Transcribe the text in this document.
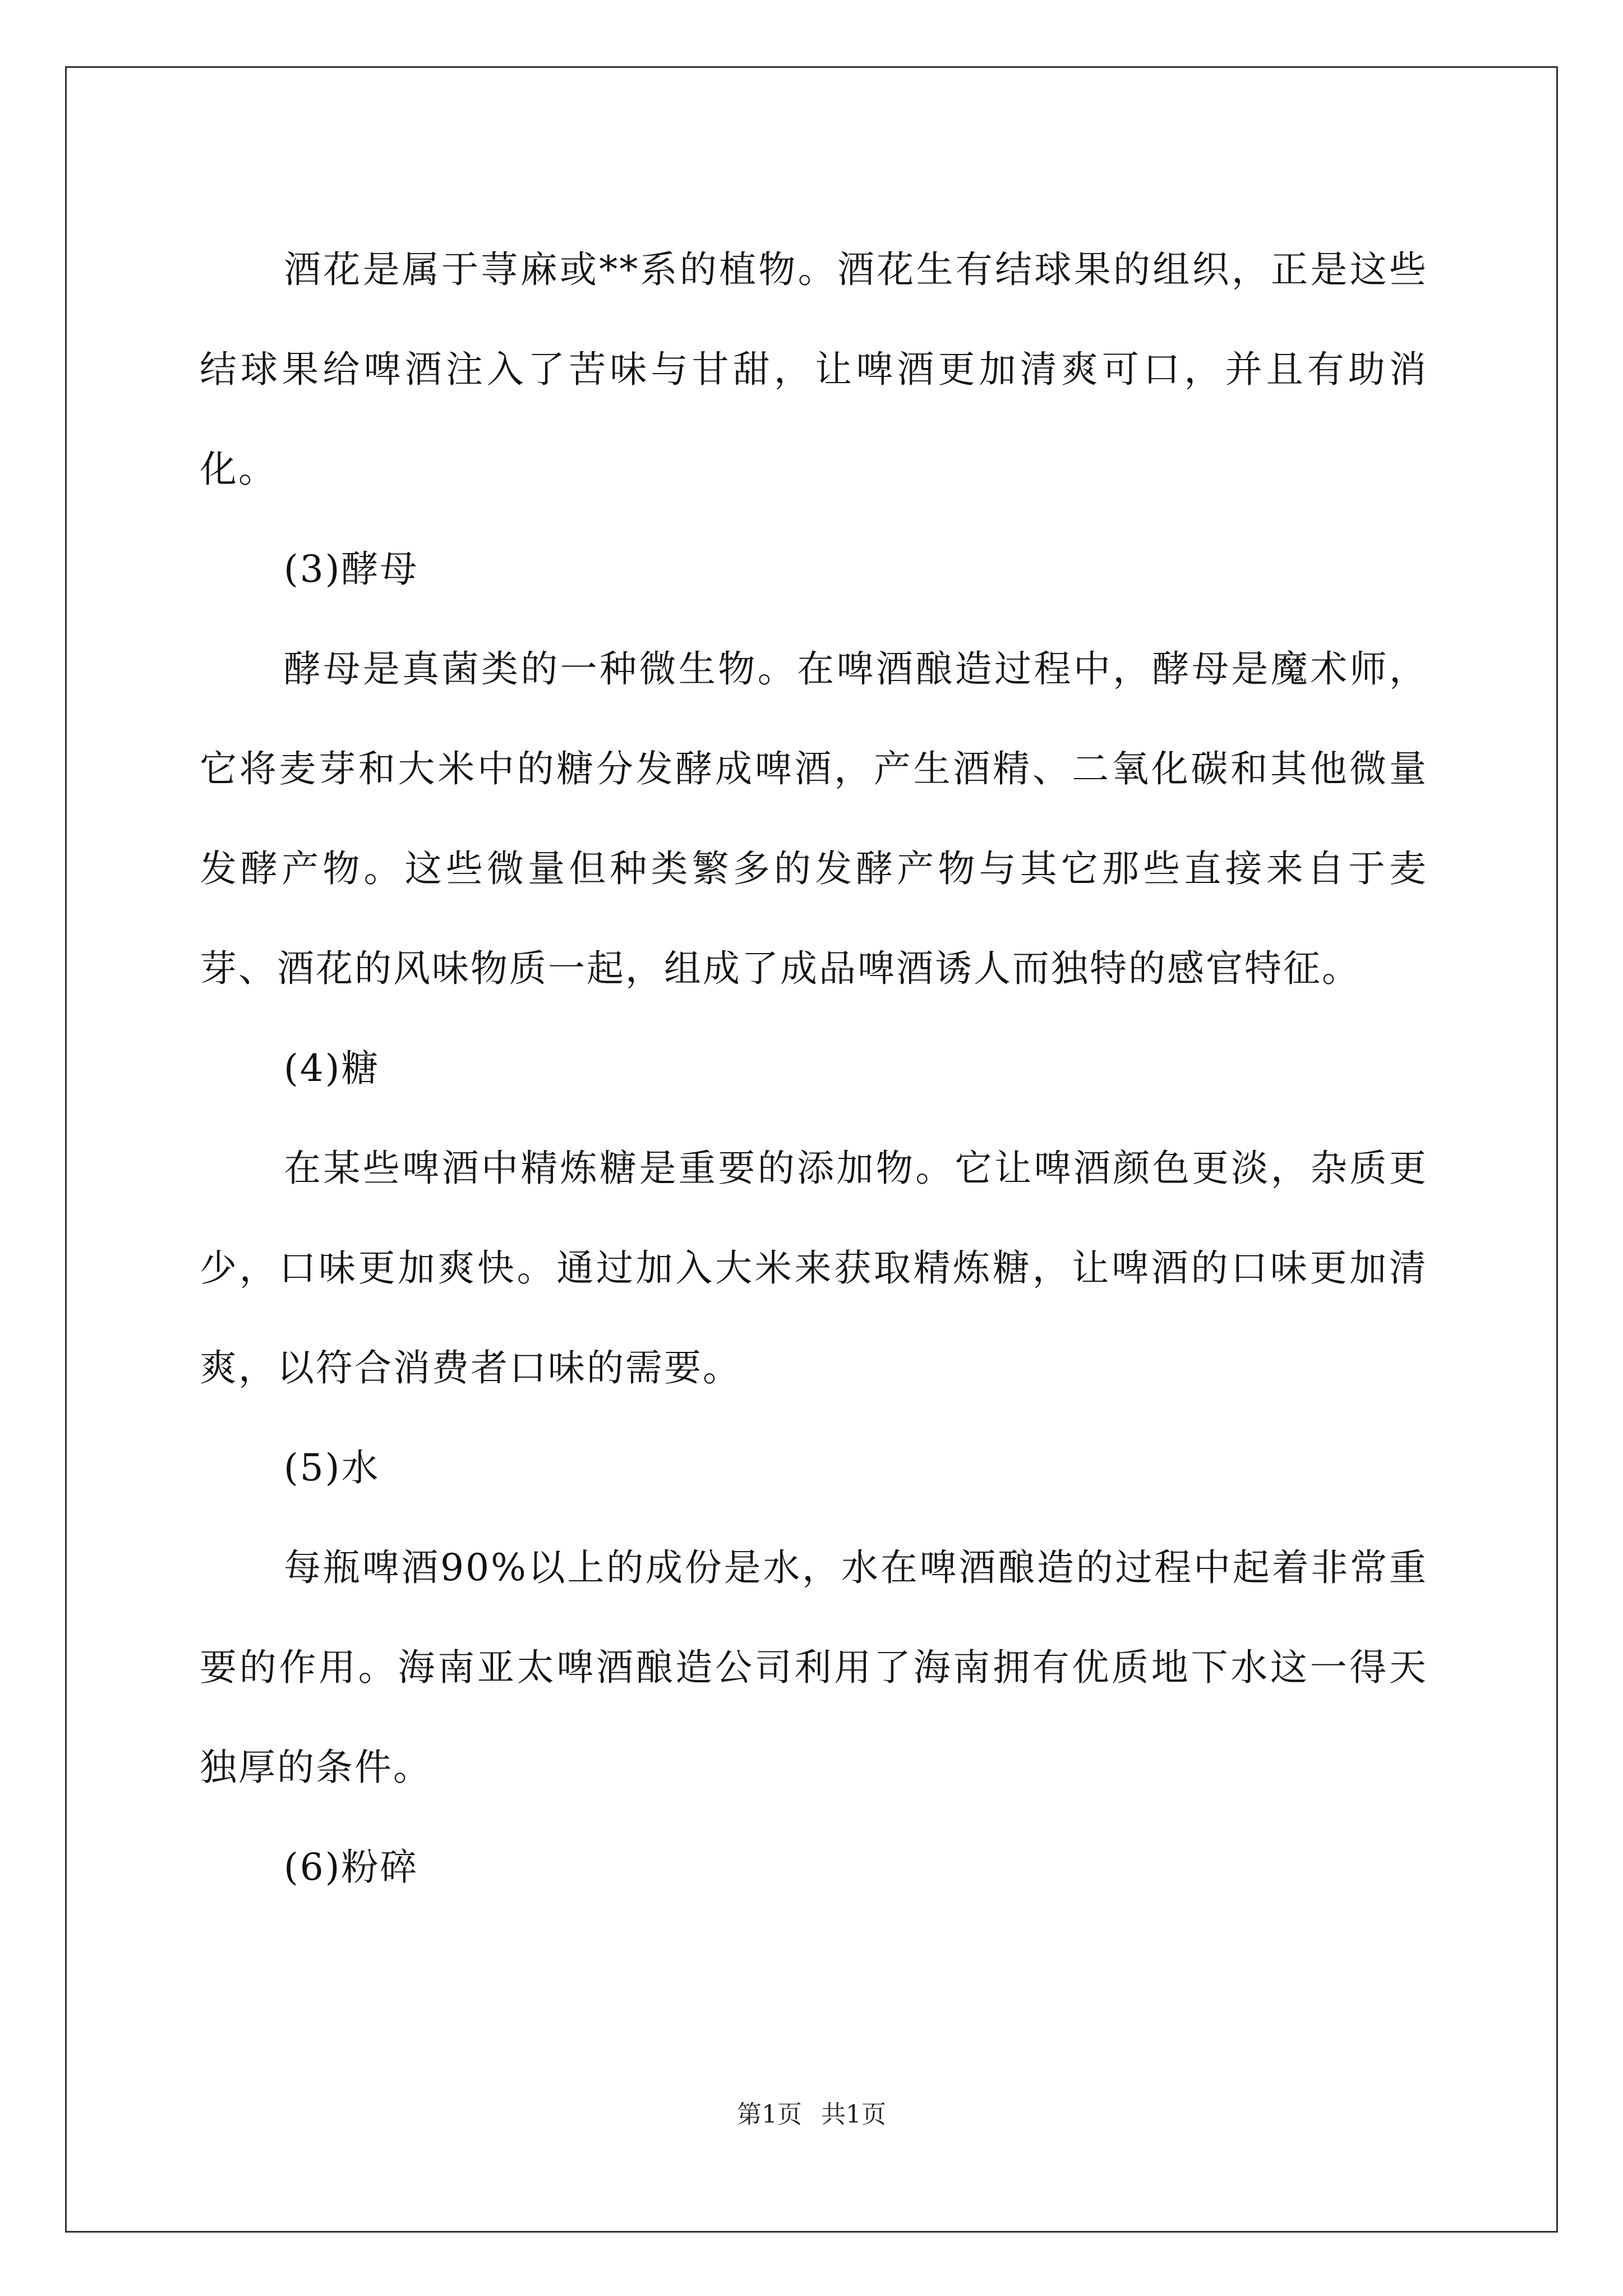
酒花是属于荨麻或**系的植物。酒花生有结球果的组织，正是这些结球果给啤酒注入了苦味与甘甜，让啤酒更加清爽可口，并且有助消化。

(3)酵母

酵母是真菌类的一种微生物。在啤酒酿造过程中，酵母是魔术师，它将麦芽和大米中的糖分发酵成啤酒，产生酒精、二氧化碳和其他微量发酵产物。这些微量但种类繁多的发酵产物与其它那些直接来自于麦芽、酒花的风味物质一起，组成了成品啤酒诱人而独特的感官特征。

(4)糖

在某些啤酒中精炼糖是重要的添加物。它让啤酒颜色更淡，杂质更少，口味更加爽快。通过加入大米来获取精炼糖，让啤酒的口味更加清爽，以符合消费者口味的需要。

(5)水

每瓶啤酒90%以上的成份是水，水在啤酒酿造的过程中起着非常重要的作用。海南亚太啤酒酿造公司利用了海南拥有优质地下水这一得天独厚的条件。

(6)粉碎

第1页 共1页
